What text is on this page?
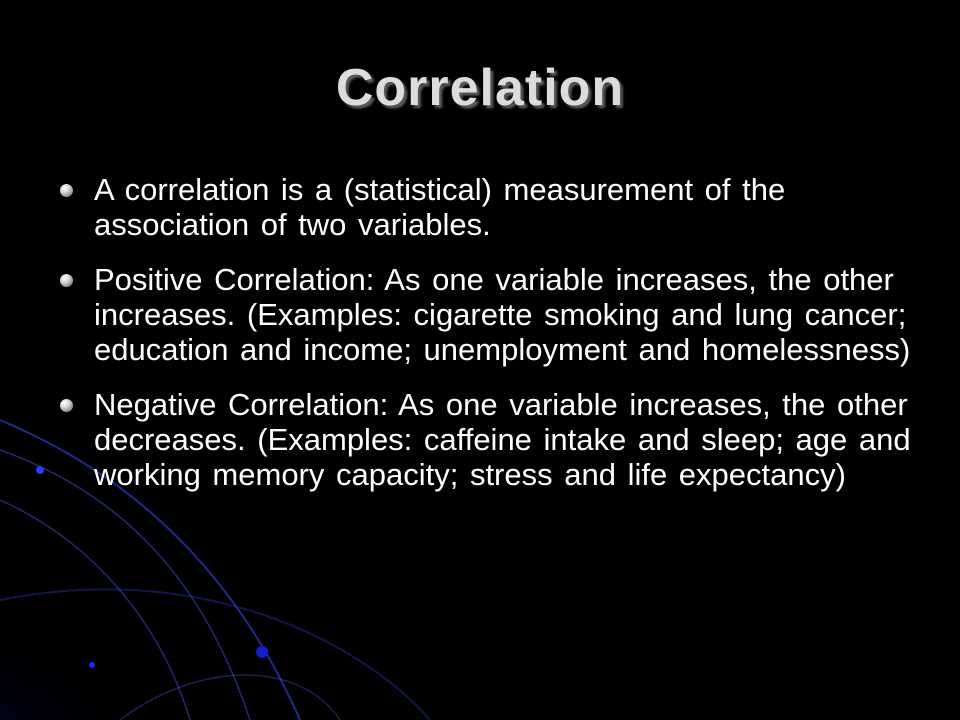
Correlation
A correlation is a (statistical) measurement of the association of two variables.
Positive Correlation: As one variable increases, the other increases. (Examples: cigarette smoking and lung cancer; education and income; unemployment and homelessness)
Negative Correlation: As one variable increases, the other decreases. (Examples: caffeine intake and sleep; age and working memory capacity; stress and life expectancy)
